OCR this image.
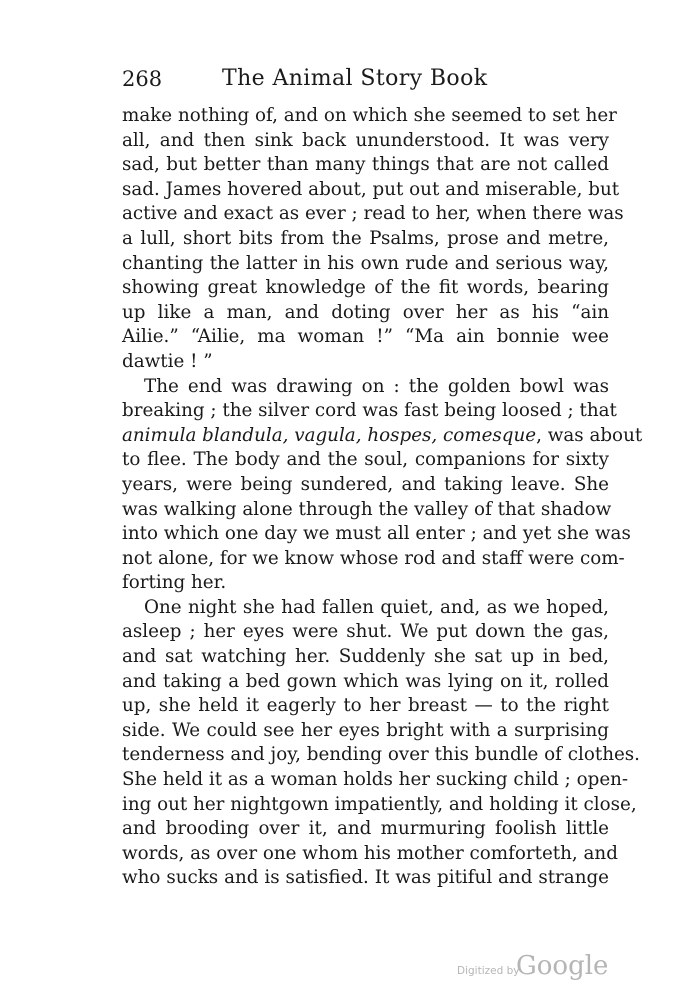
268	The Animal Story Book

make nothing of, and on which she seemed to set her
all, and then sink back ununderstood. It was very
sad, but better than many things that are not called
sad. James hovered about, put out and miserable, but
active and exact as ever ; read to her, when there was
a lull, short bits from the Psalms, prose and metre,
chanting the latter in his own rude and serious way,
showing great knowledge of the fit words, bearing
up like a man, and doting over her as his “ain
Ailie.” “Ailie, ma woman !” “Ma ain bonnie wee
dawtie ! ”

The end was drawing on : the golden bowl was
breaking ; the silver cord was fast being loosed ; that
animula blandula, vagula, hospes, comesque, was about
to flee. The body and the soul, companions for sixty
years, were being sundered, and taking leave. She
was walking alone through the valley of that shadow
into which one day we must all enter ; and yet she was
not alone, for we know whose rod and staff were com-
forting her.

One night she had fallen quiet, and, as we hoped,
asleep ; her eyes were shut. We put down the gas,
and sat watching her. Suddenly she sat up in bed,
and taking a bed gown which was lying on it, rolled
up, she held it eagerly to her breast — to the right
side. We could see her eyes bright with a surprising
tenderness and joy, bending over this bundle of clothes.
She held it as a woman holds her sucking child ; open-
ing out her nightgown impatiently, and holding it close,
and brooding over it, and murmuring foolish little
words, as over one whom his mother comforteth, and
who sucks and is satisfied. It was pitiful and strange

Digitized by
Google
